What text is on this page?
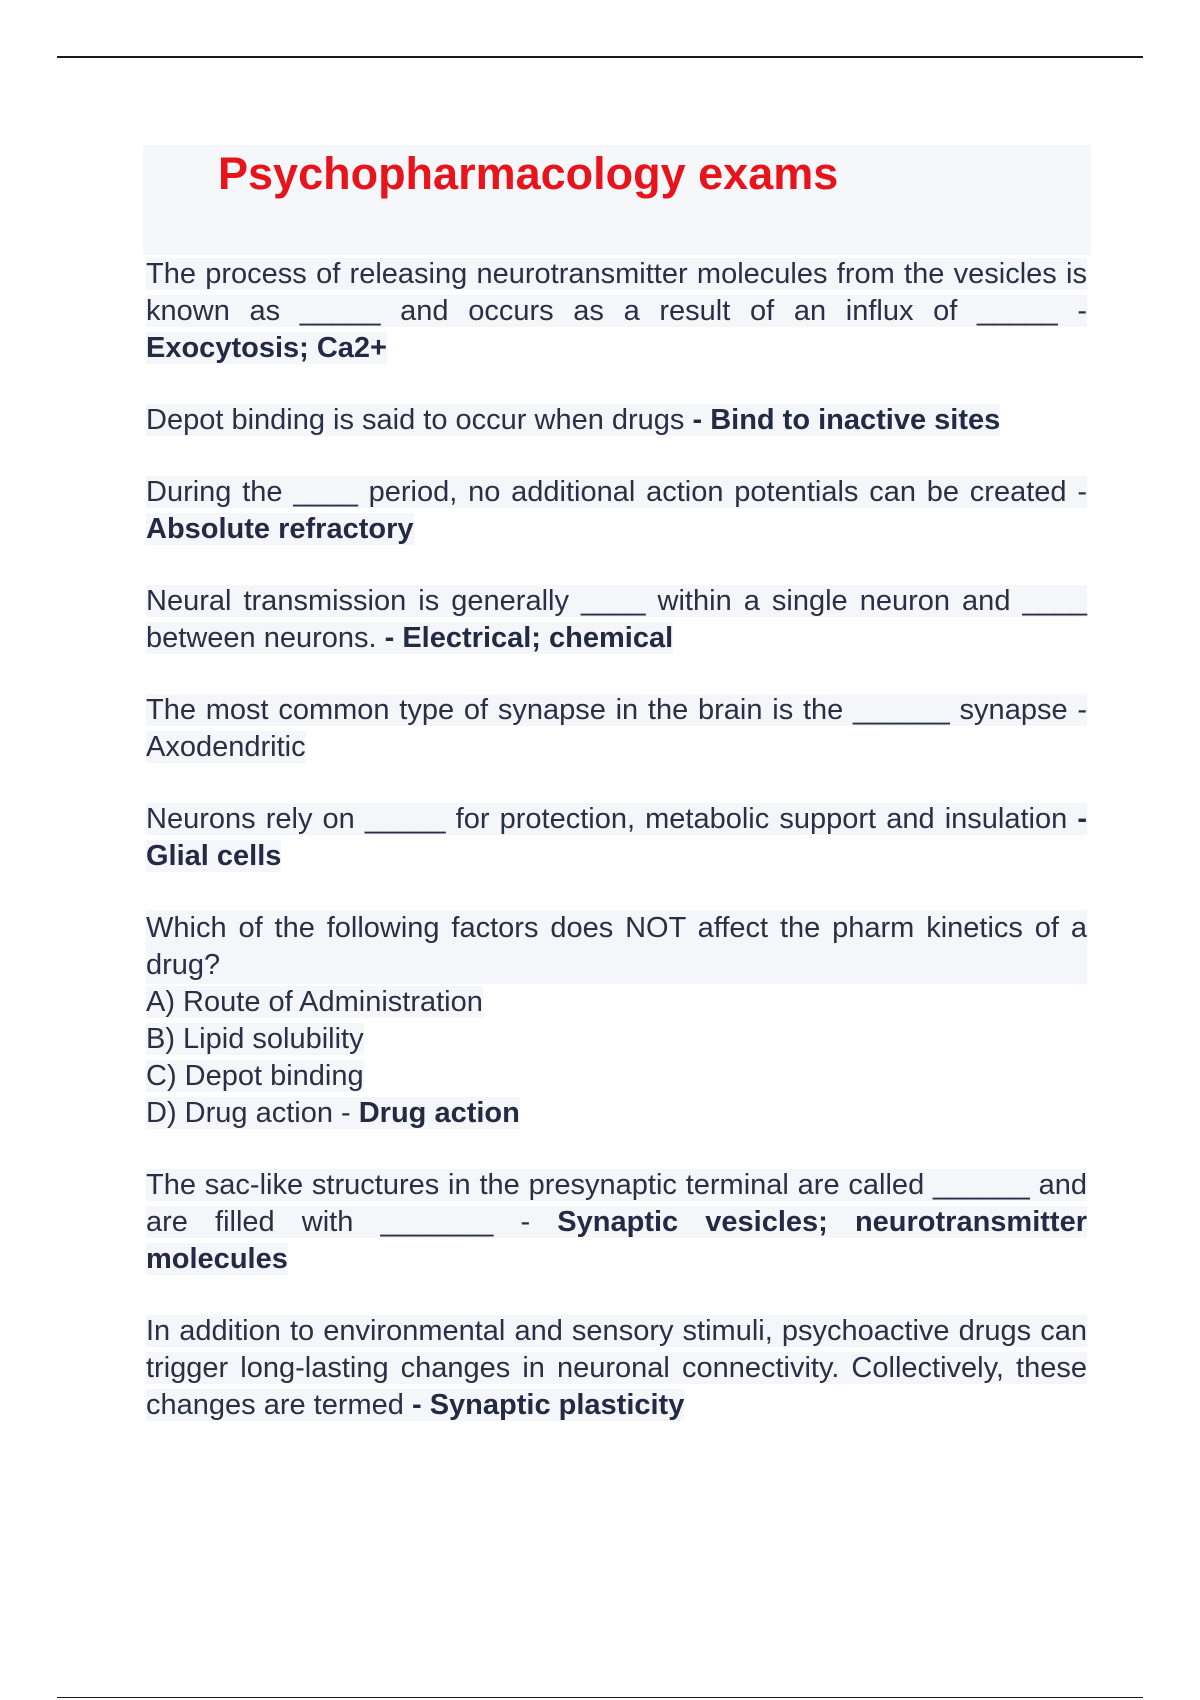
Psychopharmacology exams

The process of releasing neurotransmitter molecules from the vesicles is known as _____ and occurs as a result of an influx of _____ - Exocytosis; Ca2+

Depot binding is said to occur when drugs - Bind to inactive sites

During the ____ period, no additional action potentials can be created - Absolute refractory

Neural transmission is generally ____ within a single neuron and ____ between neurons. - Electrical; chemical

The most common type of synapse in the brain is the ______ synapse - Axodendritic

Neurons rely on _____ for protection, metabolic support and insulation - Glial cells

Which of the following factors does NOT affect the pharm kinetics of a drug?
A) Route of Administration
B) Lipid solubility
C) Depot binding
D) Drug action - Drug action

The sac-like structures in the presynaptic terminal are called ______ and are filled with _______ - Synaptic vesicles; neurotransmitter molecules

In addition to environmental and sensory stimuli, psychoactive drugs can trigger long-lasting changes in neuronal connectivity. Collectively, these changes are termed - Synaptic plasticity
